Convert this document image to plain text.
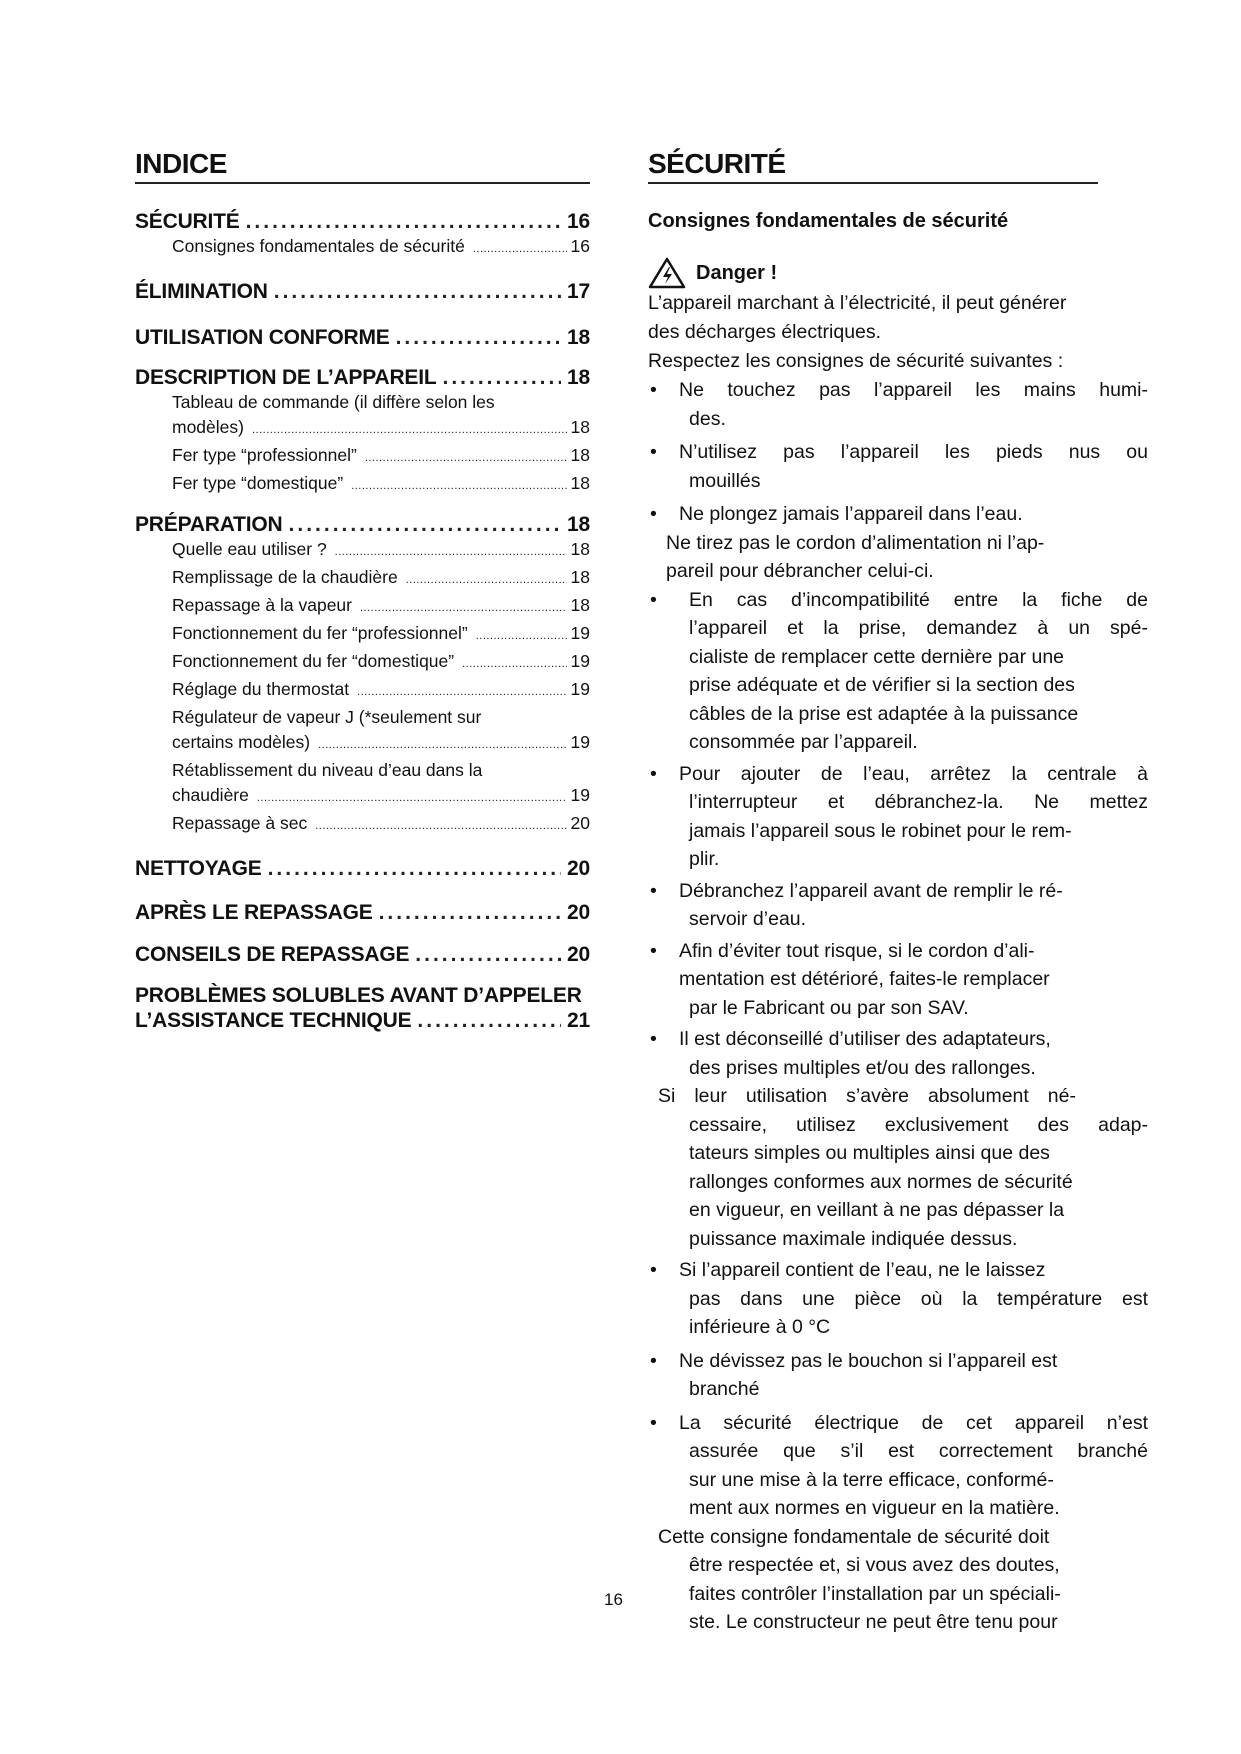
INDICE
SÉCURITÉ .....	16
Consignes fondamentales de sécurité .....	16
ÉLIMINATION .....	17
UTILISATION CONFORME .....	18
DESCRIPTION DE L’APPAREIL .....	18
Tableau de commande (il diffère selon les
modèles) .....	18
Fer type “professionnel” .....	18
Fer type “domestique” .....	18
PRÉPARATION .....	18
Quelle eau utiliser ? .....	18
Remplissage de la chaudière .....	18
Repassage à la vapeur .....	18
Fonctionnement du fer “professionnel” .....	19
Fonctionnement du fer “domestique” .....	19
Réglage du thermostat .....	19
Régulateur de vapeur J (*seulement sur
certains modèles) .....	19
Rétablissement du niveau d’eau dans la
chaudière .....	19
Repassage à sec .....	20
NETTOYAGE .....	20
APRÈS LE REPASSAGE .....	20
CONSEILS DE REPASSAGE .....	20
PROBLÈMES SOLUBLES AVANT D’APPELER
L’ASSISTANCE TECHNIQUE .....	21
SÉCURITÉ
Consignes fondamentales de sécurité
Danger !
L’appareil marchant à l’électricité, il peut générer
des décharges électriques.
Respectez les consignes de sécurité suivantes :
• Ne touchez pas l’appareil les mains humi-
des.
• N’utilisez pas l’appareil les pieds nus ou
mouillés
• Ne plongez jamais l’appareil dans l’eau.
Ne tirez pas le cordon d’alimentation ni l’ap-
pareil pour débrancher celui-ci.
• En cas d’incompatibilité entre la fiche de
l’appareil et la prise, demandez à un spé-
cialiste de remplacer cette dernière par une
prise adéquate et de vérifier si la section des
câbles de la prise est adaptée à la puissance
consommée par l’appareil.
• Pour ajouter de l’eau, arrêtez la centrale à
l’interrupteur et débranchez-la. Ne mettez
jamais l’appareil sous le robinet pour le rem-
plir.
• Débranchez l’appareil avant de remplir le ré-
servoir d’eau.
• Afin d’éviter tout risque, si le cordon d’ali-
mentation est détérioré, faites-le remplacer
par le Fabricant ou par son SAV.
• Il est déconseillé d’utiliser des adaptateurs,
des prises multiples et/ou des rallonges.
Si leur utilisation s’avère absolument né-
cessaire, utilisez exclusivement des adap-
tateurs simples ou multiples ainsi que des
rallonges conformes aux normes de sécurité
en vigueur, en veillant à ne pas dépasser la
puissance maximale indiquée dessus.
• Si l’appareil contient de l’eau, ne le laissez
pas dans une pièce où la température est
inférieure à 0 °C
• Ne dévissez pas le bouchon si l’appareil est
branché
• La sécurité électrique de cet appareil n’est
assurée que s’il est correctement branché
sur une mise à la terre efficace, conformé-
ment aux normes en vigueur en la matière.
Cette consigne fondamentale de sécurité doit
être respectée et, si vous avez des doutes,
faites contrôler l’installation par un spéciali-
ste. Le constructeur ne peut être tenu pour
16
